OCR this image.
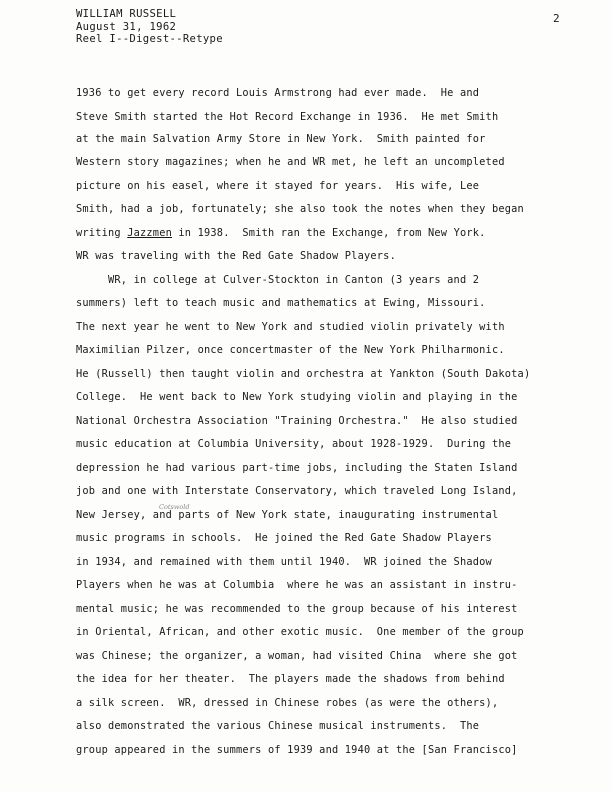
WILLIAM RUSSELL
August 31, 1962
Reel I--Digest--Retype
2
Cotswold
1936 to get every record Louis Armstrong had ever made.  He and
Steve Smith started the Hot Record Exchange in 1936.  He met Smith
at the main Salvation Army Store in New York.  Smith painted for
Western story magazines; when he and WR met, he left an uncompleted
picture on his easel, where it stayed for years.  His wife, Lee
Smith, had a job, fortunately; she also took the notes when they began
writing Jazzmen in 1938.  Smith ran the Exchange, from New York.
WR was traveling with the Red Gate Shadow Players.
WR, in college at Culver-Stockton in Canton (3 years and 2
summers) left to teach music and mathematics at Ewing, Missouri.
The next year he went to New York and studied violin privately with
Maximilian Pilzer, once concertmaster of the New York Philharmonic.
He (Russell) then taught violin and orchestra at Yankton (South Dakota)
College.  He went back to New York studying violin and playing in the
National Orchestra Association "Training Orchestra."  He also studied
music education at Columbia University, about 1928-1929.  During the
depression he had various part-time jobs, including the Staten Island
job and one with Interstate Conservatory, which traveled Long Island,
New Jersey, and parts of New York state, inaugurating instrumental
music programs in schools.  He joined the Red Gate Shadow Players
in 1934, and remained with them until 1940.  WR joined the Shadow
Players when he was at Columbia  where he was an assistant in instru-
mental music; he was recommended to the group because of his interest
in Oriental, African, and other exotic music.  One member of the group
was Chinese; the organizer, a woman, had visited China  where she got
the idea for her theater.  The players made the shadows from behind
a silk screen.  WR, dressed in Chinese robes (as were the others),
also demonstrated the various Chinese musical instruments.  The
group appeared in the summers of 1939 and 1940 at the [San Francisco]
